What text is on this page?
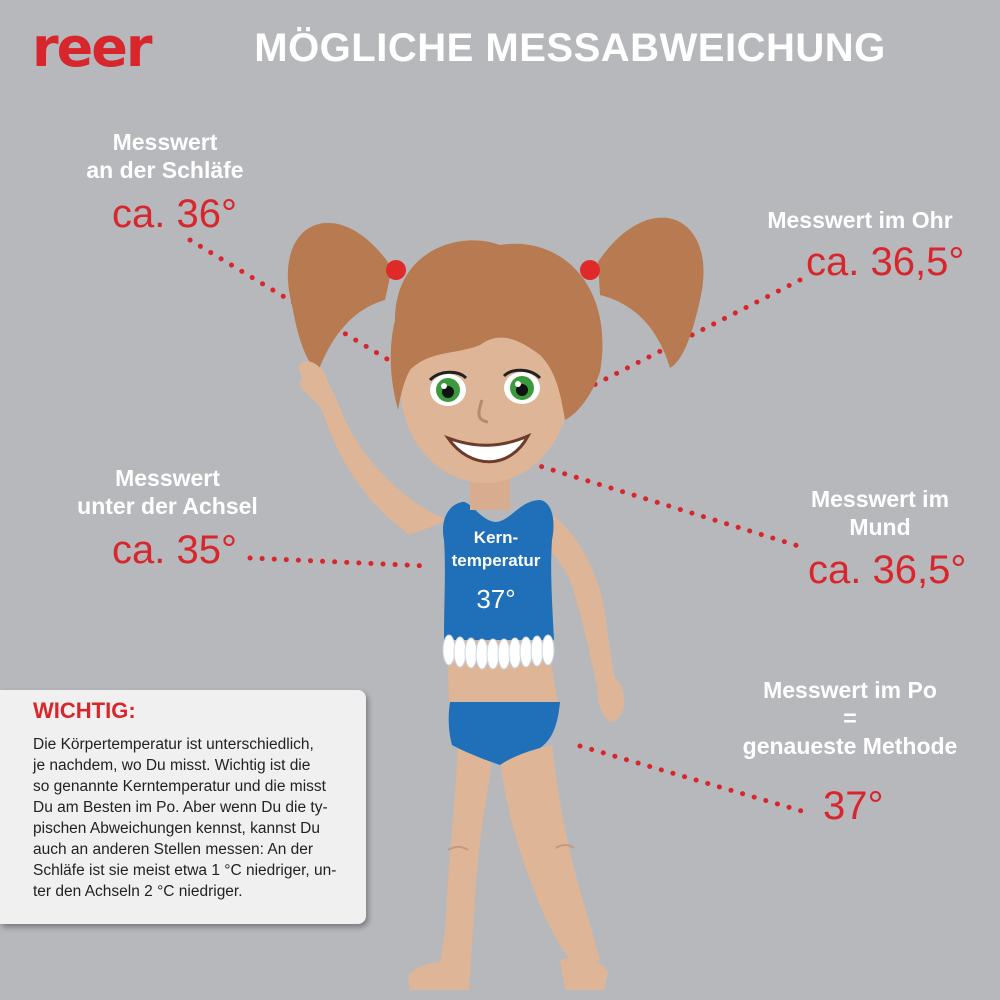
reer	MÖGLICHE MESSABWEICHUNG
Kern-
temperatur
37°
Messwert
an der Schläfe
ca. 36°	Messwert im Ohr
ca. 36,5°
Messwert
unter der Achsel
ca. 35°
Messwert im
Mund
ca. 36,5°
Messwert im Po
=
genaueste Methode
37°
WICHTIG:

Die Körpertemperatur ist unterschiedlich,
je nachdem, wo Du misst. Wichtig ist die
so genannte Kerntemperatur und die misst
Du am Besten im Po. Aber wenn Du die ty-
pischen Abweichungen kennst, kannst Du
auch an anderen Stellen messen: An der
Schläfe ist sie meist etwa 1 °C niedriger, un-
ter den Achseln 2 °C niedriger.
